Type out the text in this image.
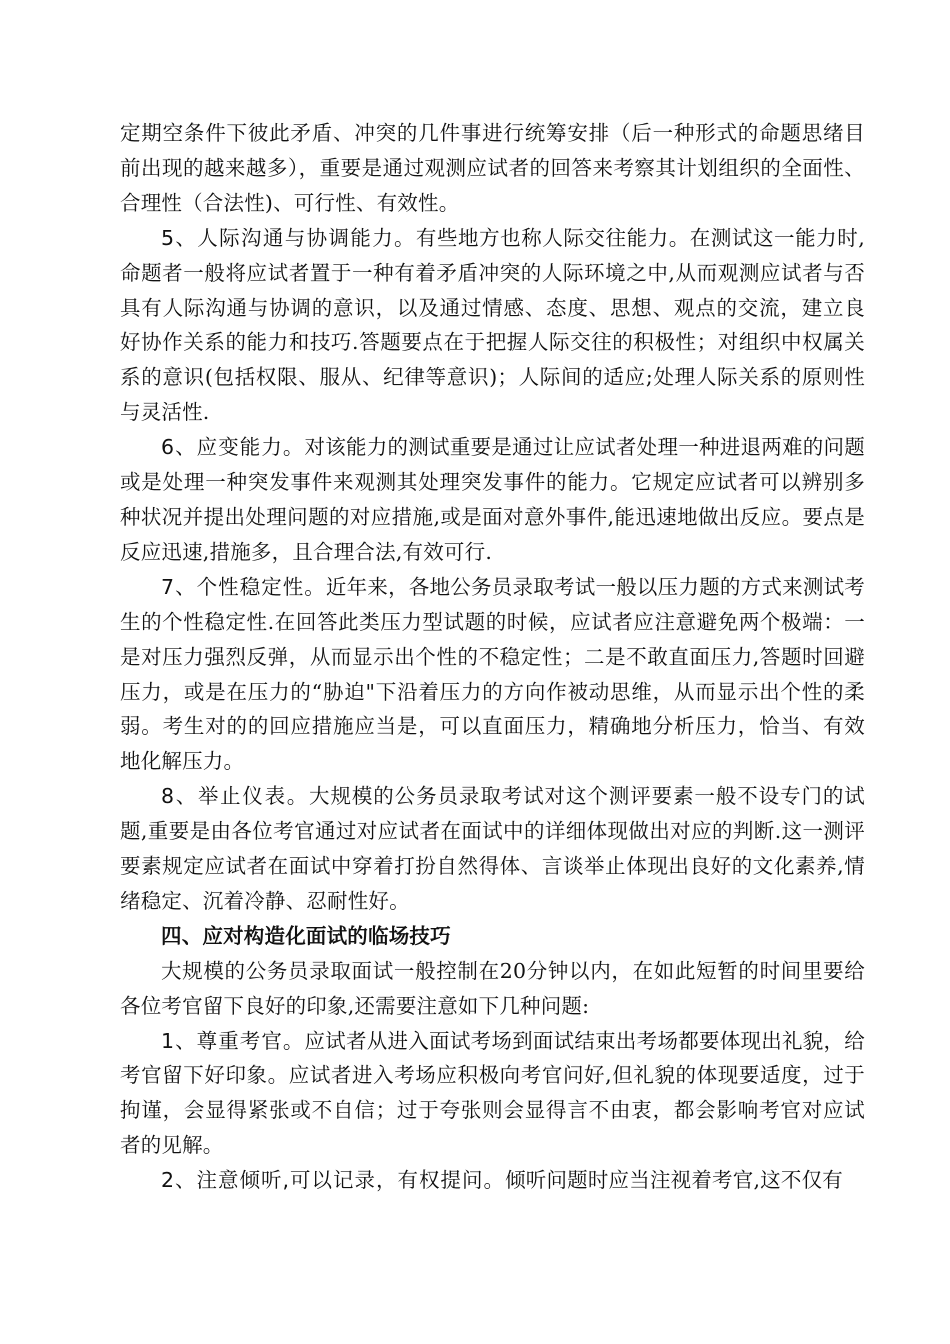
定期空条件下彼此矛盾、冲突的几件事进行统筹安排（后一种形式的命题思绪目前出现的越来越多），重要是通过观测应试者的回答来考察其计划组织的全面性、合理性（合法性)、可行性、有效性。

5、人际沟通与协调能力。有些地方也称人际交往能力。在测试这一能力时,命题者一般将应试者置于一种有着矛盾冲突的人际环境之中,从而观测应试者与否具有人际沟通与协调的意识，以及通过情感、态度、思想、观点的交流，建立良好协作关系的能力和技巧.答题要点在于把握人际交往的积极性；对组织中权属关系的意识(包括权限、服从、纪律等意识)；人际间的适应;处理人际关系的原则性与灵活性.

6、应变能力。对该能力的测试重要是通过让应试者处理一种进退两难的问题或是处理一种突发事件来观测其处理突发事件的能力。它规定应试者可以辨别多种状况并提出处理问题的对应措施,或是面对意外事件,能迅速地做出反应。要点是反应迅速,措施多，且合理合法,有效可行.

7、个性稳定性。近年来，各地公务员录取考试一般以压力题的方式来测试考生的个性稳定性.在回答此类压力型试题的时候，应试者应注意避免两个极端：一是对压力强烈反弹，从而显示出个性的不稳定性；二是不敢直面压力,答题时回避压力，或是在压力的“胁迫"下沿着压力的方向作被动思维，从而显示出个性的柔弱。考生对的的回应措施应当是，可以直面压力，精确地分析压力，恰当、有效地化解压力。

8、举止仪表。大规模的公务员录取考试对这个测评要素一般不设专门的试题,重要是由各位考官通过对应试者在面试中的详细体现做出对应的判断.这一测评要素规定应试者在面试中穿着打扮自然得体、言谈举止体现出良好的文化素养,情绪稳定、沉着冷静、忍耐性好。

四、应对构造化面试的临场技巧

大规模的公务员录取面试一般控制在20分钟以内，在如此短暂的时间里要给各位考官留下良好的印象,还需要注意如下几种问题:

1、尊重考官。应试者从进入面试考场到面试结束出考场都要体现出礼貌，给考官留下好印象。应试者进入考场应积极向考官问好,但礼貌的体现要适度，过于拘谨，会显得紧张或不自信；过于夸张则会显得言不由衷，都会影响考官对应试者的见解。

2、注意倾听,可以记录，有权提问。倾听问题时应当注视着考官,这不仅有
